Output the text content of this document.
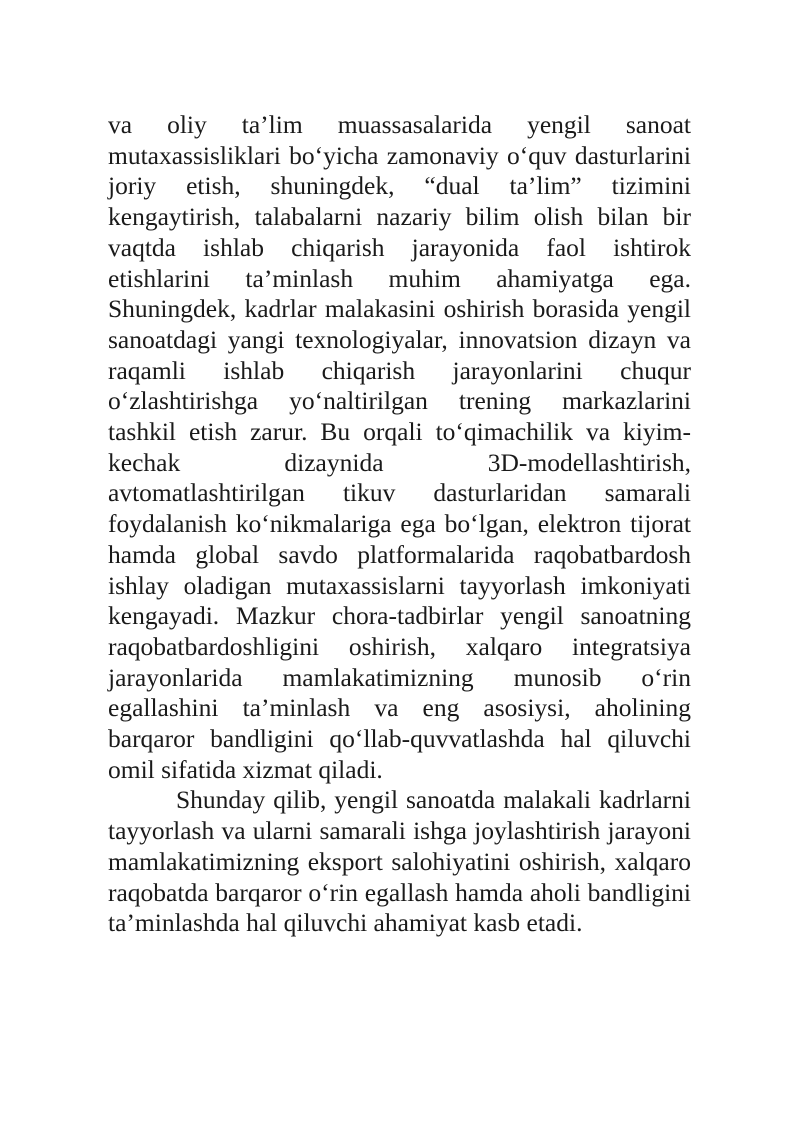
va oliy ta’lim muassasalarida yengil sanoat mutaxassisliklari bo‘yicha zamonaviy o‘quv dasturlarini joriy etish, shuningdek, “dual ta’lim” tizimini kengaytirish, talabalarni nazariy bilim olish bilan bir vaqtda ishlab chiqarish jarayonida faol ishtirok etishlarini ta’minlash muhim ahamiyatga ega. Shuningdek, kadrlar malakasini oshirish borasida yengil sanoatdagi yangi texnologiyalar, innovatsion dizayn va raqamli ishlab chiqarish jarayonlarini chuqur o‘zlashtirishga yo‘naltirilgan trening markazlarini tashkil etish zarur. Bu orqali to‘qimachilik va kiyim-kechak dizaynida 3D-modellashtirish, avtomatlashtirilgan tikuv dasturlaridan samarali foydalanish ko‘nikmalariga ega bo‘lgan, elektron tijorat hamda global savdo platformalarida raqobatbardosh ishlay oladigan mutaxassislarni tayyorlash imkoniyati kengayadi. Mazkur chora-tadbirlar yengil sanoatning raqobatbardoshligini oshirish, xalqaro integratsiya jarayonlarida mamlakatimizning munosib o‘rin egallashini ta’minlash va eng asosiysi, aholining barqaror bandligini qo‘llab-quvvatlashda hal qiluvchi omil sifatida xizmat qiladi.

Shunday qilib, yengil sanoatda malakali kadrlarni tayyorlash va ularni samarali ishga joylashtirish jarayoni mamlakatimizning eksport salohiyatini oshirish, xalqaro raqobatda barqaror o‘rin egallash hamda aholi bandligini ta’minlashda hal qiluvchi ahamiyat kasb etadi.
